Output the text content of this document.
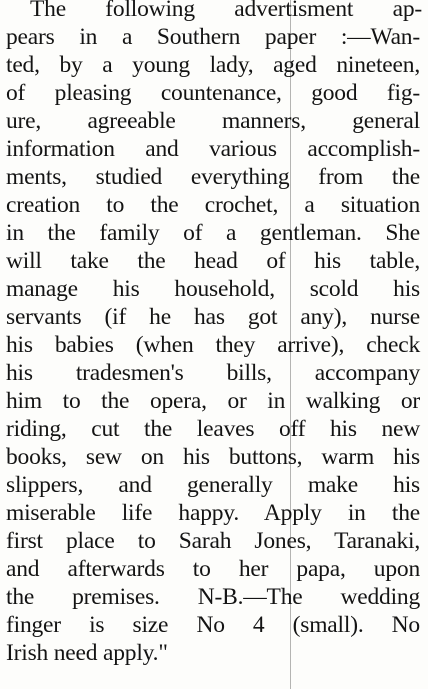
The following advertisment ap-
pears in a Southern paper :—Wan-
ted, by a young lady, aged nineteen,
of pleasing countenance, good fig-
ure, agreeable manners, general
information and various accomplish-
ments, studied everything from the
creation to the crochet, a situation
in the family of a gentleman. She
will take the head of his table,
manage his household, scold his
servants (if he has got any), nurse
his babies (when they arrive), check
his tradesmen's bills, accompany
him to the opera, or in walking or
riding, cut the leaves off his new
books, sew on his buttons, warm his
slippers, and generally make his
miserable life happy. Apply in the
first place to Sarah Jones, Taranaki,
and afterwards to her papa, upon
the premises. N-B.—The wedding
finger is size No 4 (small). No
Irish need apply."
